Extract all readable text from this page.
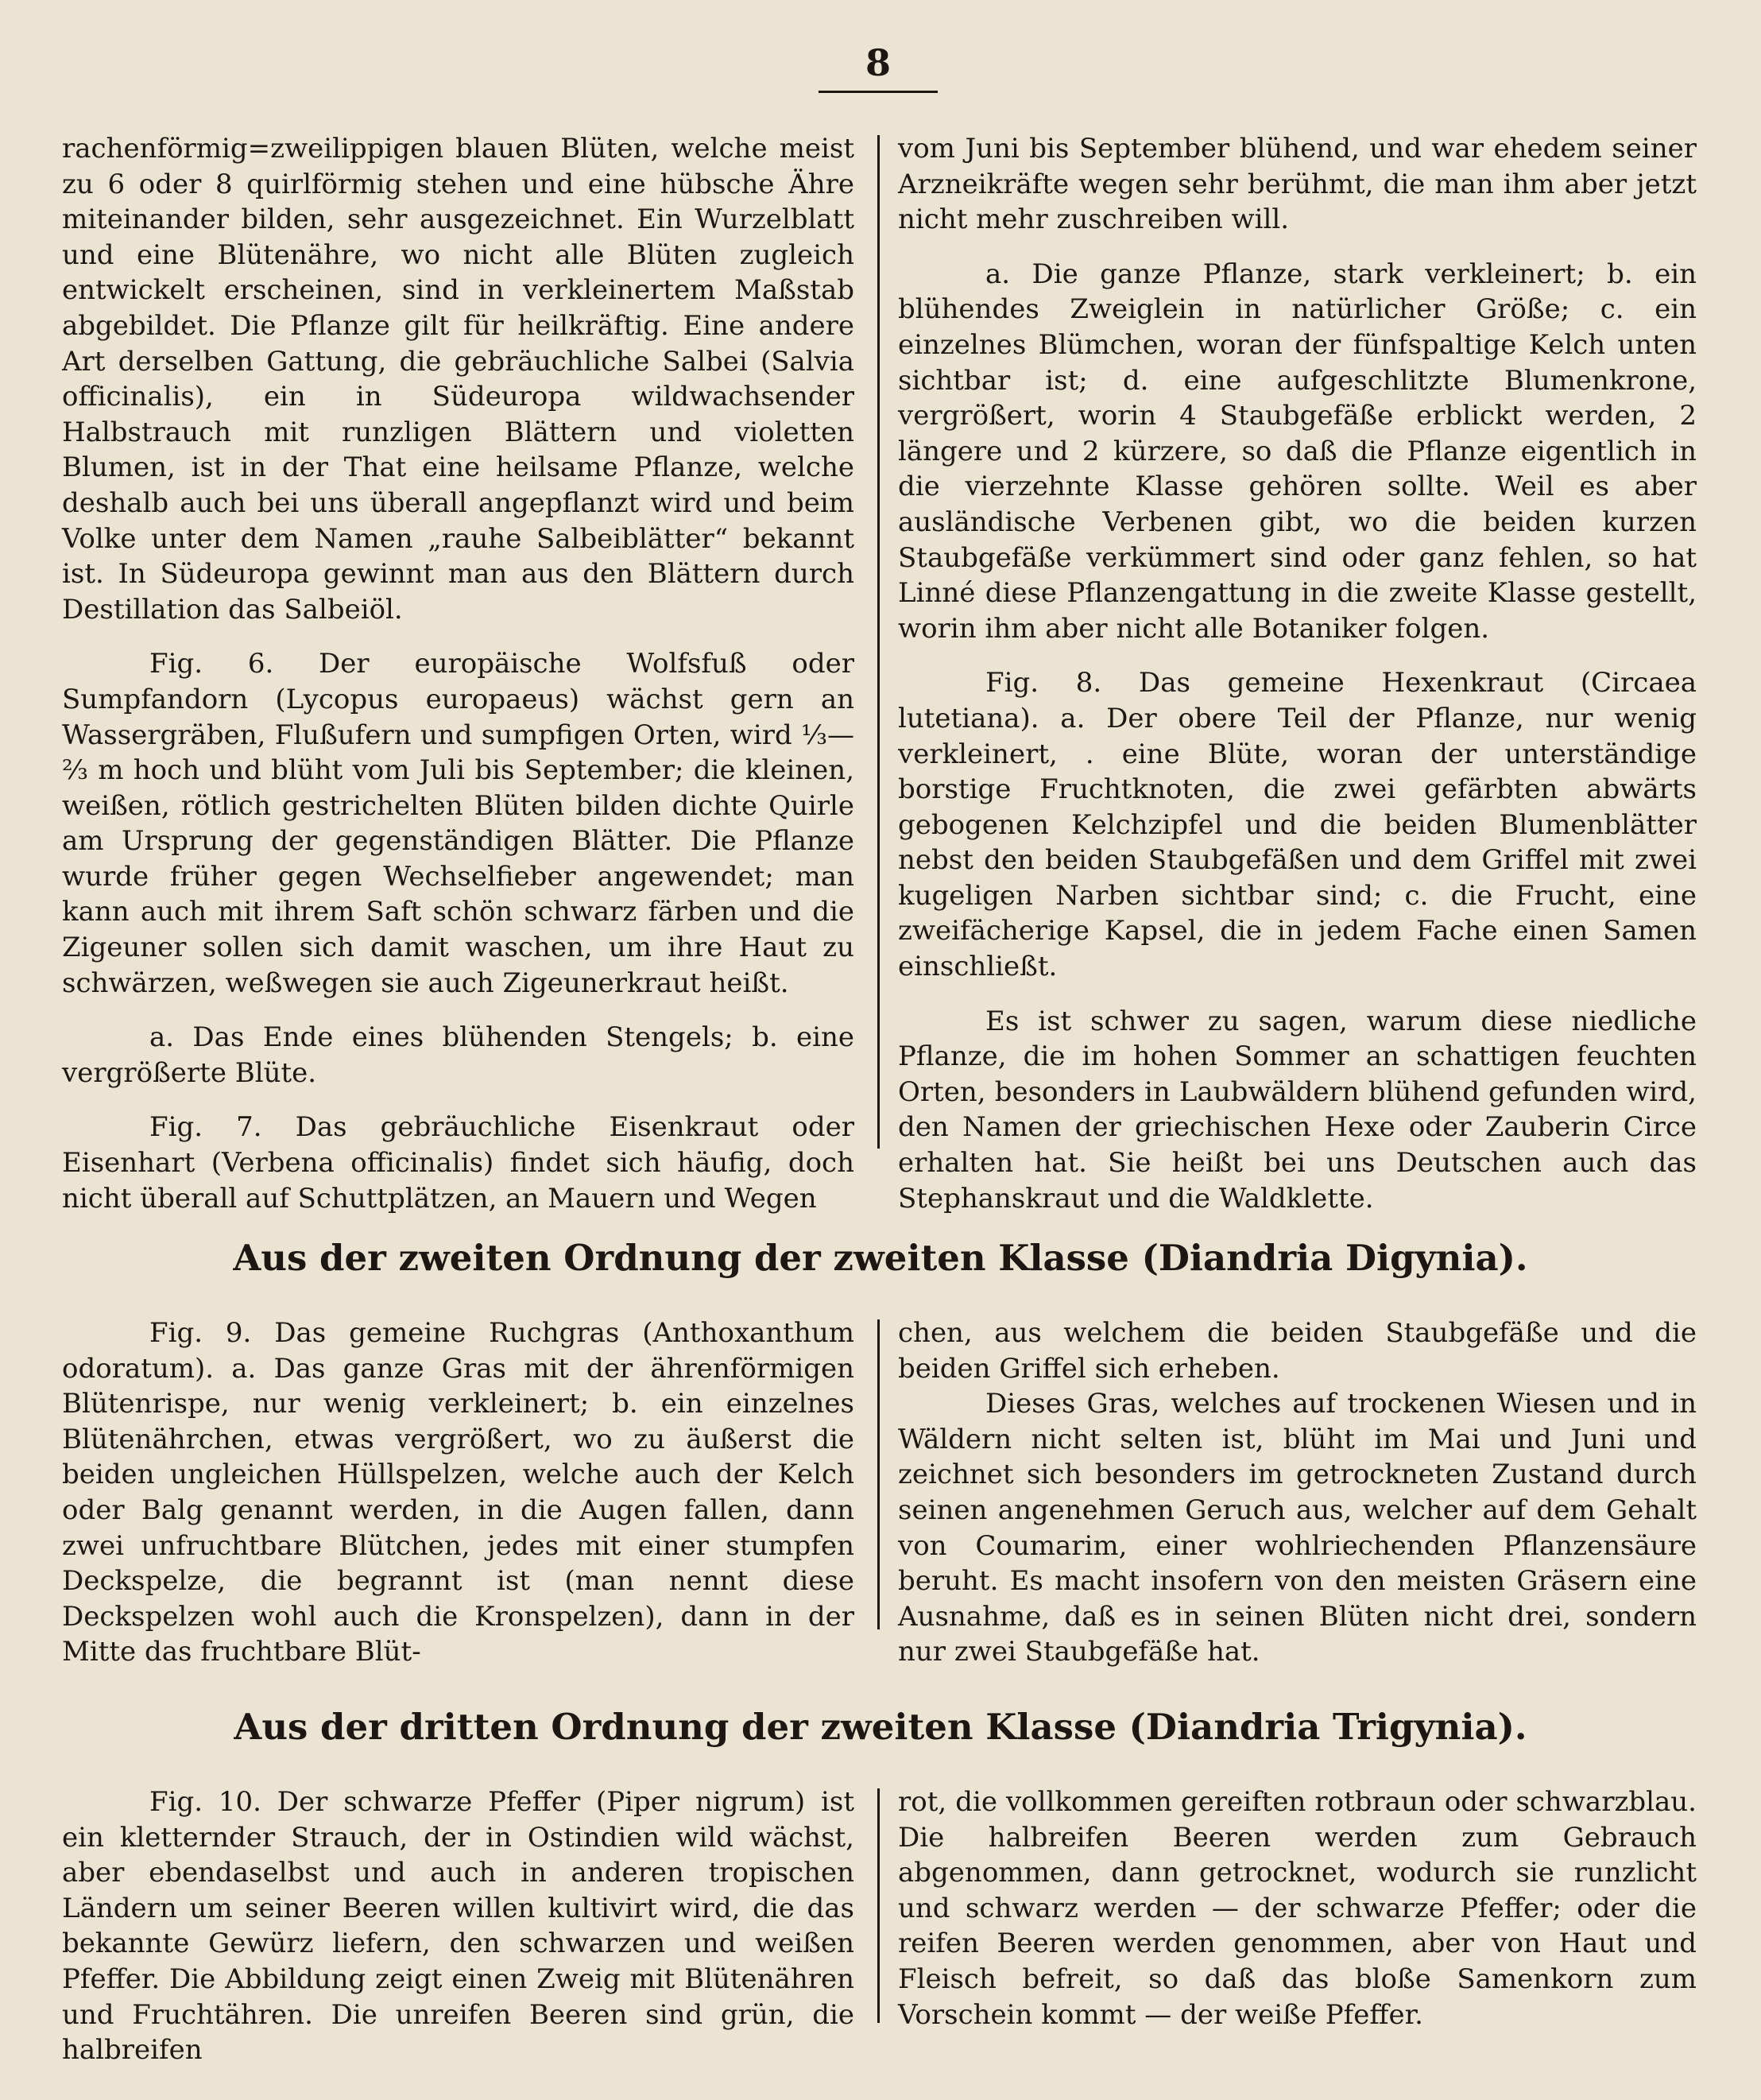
8

rachenförmig=zweilippigen blauen Blüten, welche meist zu 6 oder 8 quirlförmig stehen und eine hübsche Ähre miteinander bilden, sehr ausgezeichnet. Ein Wurzelblatt und eine Blütenähre, wo nicht alle Blüten zugleich entwickelt erscheinen, sind in verkleinertem Maßstab abgebildet. Die Pflanze gilt für heilkräftig. Eine andere Art derselben Gattung, die gebräuchliche Salbei (Salvia officinalis), ein in Südeuropa wildwachsender Halbstrauch mit runzligen Blättern und violetten Blumen, ist in der That eine heilsame Pflanze, welche deshalb auch bei uns überall angepflanzt wird und beim Volke unter dem Namen „rauhe Salbeiblätter“ bekannt ist. In Südeuropa gewinnt man aus den Blättern durch Destillation das Salbeiöl.

Fig. 6. Der europäische Wolfsfuß oder Sumpfandorn (Lycopus europaeus) wächst gern an Wassergräben, Flußufern und sumpfigen Orten, wird ⅓—⅔ m hoch und blüht vom Juli bis September; die kleinen, weißen, rötlich gestrichelten Blüten bilden dichte Quirle am Ursprung der gegenständigen Blätter. Die Pflanze wurde früher gegen Wechselfieber angewendet; man kann auch mit ihrem Saft schön schwarz färben und die Zigeuner sollen sich damit waschen, um ihre Haut zu schwärzen, weßwegen sie auch Zigeunerkraut heißt.

a. Das Ende eines blühenden Stengels; b. eine vergrößerte Blüte.

Fig. 7. Das gebräuchliche Eisenkraut oder Eisenhart (Verbena officinalis) findet sich häufig, doch nicht überall auf Schuttplätzen, an Mauern und Wegen

vom Juni bis September blühend, und war ehedem seiner Arzneikräfte wegen sehr berühmt, die man ihm aber jetzt nicht mehr zuschreiben will.

a. Die ganze Pflanze, stark verkleinert; b. ein blühendes Zweiglein in natürlicher Größe; c. ein einzelnes Blümchen, woran der fünfspaltige Kelch unten sichtbar ist; d. eine aufgeschlitzte Blumenkrone, vergrößert, worin 4 Staubgefäße erblickt werden, 2 längere und 2 kürzere, so daß die Pflanze eigentlich in die vierzehnte Klasse gehören sollte. Weil es aber ausländische Verbenen gibt, wo die beiden kurzen Staubgefäße verkümmert sind oder ganz fehlen, so hat Linné diese Pflanzengattung in die zweite Klasse gestellt, worin ihm aber nicht alle Botaniker folgen.

Fig. 8. Das gemeine Hexenkraut (Circaea lutetiana). a. Der obere Teil der Pflanze, nur wenig verkleinert, . eine Blüte, woran der unterständige borstige Fruchtknoten, die zwei gefärbten abwärts gebogenen Kelchzipfel und die beiden Blumenblätter nebst den beiden Staubgefäßen und dem Griffel mit zwei kugeligen Narben sichtbar sind; c. die Frucht, eine zweifächerige Kapsel, die in jedem Fache einen Samen einschließt.

Es ist schwer zu sagen, warum diese niedliche Pflanze, die im hohen Sommer an schattigen feuchten Orten, besonders in Laubwäldern blühend gefunden wird, den Namen der griechischen Hexe oder Zauberin Circe erhalten hat. Sie heißt bei uns Deutschen auch das Stephanskraut und die Waldklette.

Aus der zweiten Ordnung der zweiten Klasse (Diandria Digynia).

Fig. 9. Das gemeine Ruchgras (Anthoxanthum odoratum). a. Das ganze Gras mit der ährenförmigen Blütenrispe, nur wenig verkleinert; b. ein einzelnes Blütenährchen, etwas vergrößert, wo zu äußerst die beiden ungleichen Hüllspelzen, welche auch der Kelch oder Balg genannt werden, in die Augen fallen, dann zwei unfruchtbare Blütchen, jedes mit einer stumpfen Deckspelze, die begrannt ist (man nennt diese Deckspelzen wohl auch die Kronspelzen), dann in der Mitte das fruchtbare Blüt-

chen, aus welchem die beiden Staubgefäße und die beiden Griffel sich erheben.

Dieses Gras, welches auf trockenen Wiesen und in Wäldern nicht selten ist, blüht im Mai und Juni und zeichnet sich besonders im getrockneten Zustand durch seinen angenehmen Geruch aus, welcher auf dem Gehalt von Coumarim, einer wohlriechenden Pflanzensäure beruht. Es macht insofern von den meisten Gräsern eine Ausnahme, daß es in seinen Blüten nicht drei, sondern nur zwei Staubgefäße hat.

Aus der dritten Ordnung der zweiten Klasse (Diandria Trigynia).

Fig. 10. Der schwarze Pfeffer (Piper nigrum) ist ein kletternder Strauch, der in Ostindien wild wächst, aber ebendaselbst und auch in anderen tropischen Ländern um seiner Beeren willen kultivirt wird, die das bekannte Gewürz liefern, den schwarzen und weißen Pfeffer. Die Abbildung zeigt einen Zweig mit Blütenähren und Fruchtähren. Die unreifen Beeren sind grün, die halbreifen

rot, die vollkommen gereiften rotbraun oder schwarzblau. Die halbreifen Beeren werden zum Gebrauch abgenommen, dann getrocknet, wodurch sie runzlicht und schwarz werden — der schwarze Pfeffer; oder die reifen Beeren werden genommen, aber von Haut und Fleisch befreit, so daß das bloße Samenkorn zum Vorschein kommt — der weiße Pfeffer.
